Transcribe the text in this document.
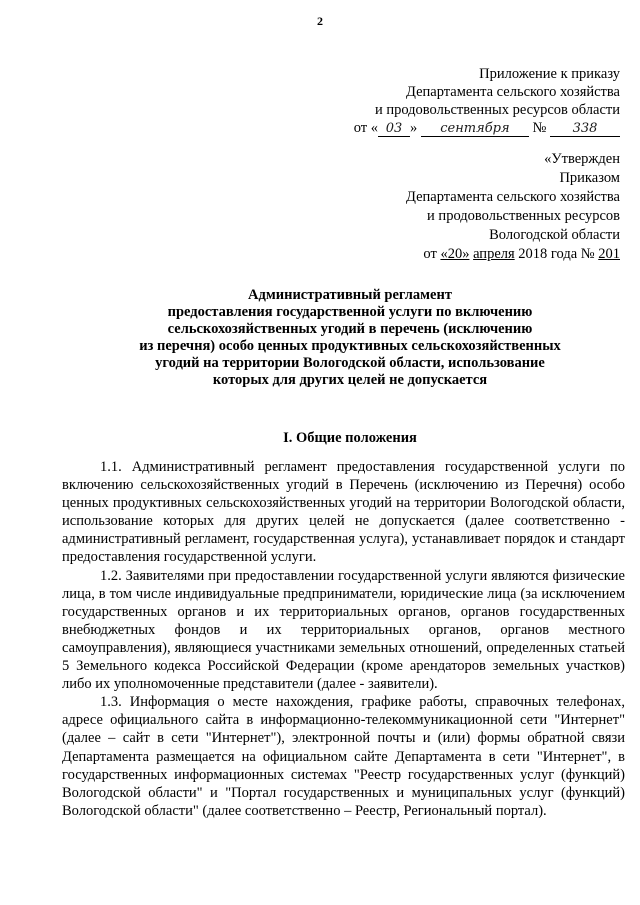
2
Приложение к приказу
Департамента сельского хозяйства
и продовольственных ресурсов области
от « 03 »
	сентября
	№
	338
«Утвержден
Приказом
Департамента сельского хозяйства
и продовольственных ресурсов
Вологодской области
от «20» апреля 2018 года № 201
Административный регламент
предоставления государственной услуги по включению
сельскохозяйственных угодий в перечень (исключению
из перечня) особо ценных продуктивных сельскохозяйственных
угодий на территории Вологодской области, использование
которых для других целей не допускается
I. Общие положения

1.1. Административный регламент предоставления государственной услуги по включению сельскохозяйственных угодий в Перечень (исключению из Перечня) особо ценных продуктивных сельскохозяйственных угодий на территории Вологодской области, использование которых для других целей не допускается (далее соответственно - административный регламент, государственная услуга), устанавливает порядок и стандарт предоставления государственной услуги.

1.2. Заявителями при предоставлении государственной услуги являются физические лица, в том числе индивидуальные предприниматели, юридические лица (за исключением государственных органов и их территориальных органов, органов государственных внебюджетных фондов и их территориальных органов, органов местного самоуправления), являющиеся участниками земельных отношений, определенных статьей 5 Земельного кодекса Российской Федерации (кроме арендаторов земельных участков) либо их уполномоченные представители (далее - заявители).

1.3. Информация о месте нахождения, графике работы, справочных телефонах, адресе официального сайта в информационно-телекоммуникационной сети "Интернет" (далее – сайт в сети "Интернет"), электронной почты и (или) формы обратной связи Департамента размещается на официальном сайте Департамента в сети "Интернет", в государственных информационных системах "Реестр государственных услуг (функций) Вологодской области" и "Портал государственных и муниципальных услуг (функций) Вологодской области" (далее соответственно – Реестр, Региональный портал).
